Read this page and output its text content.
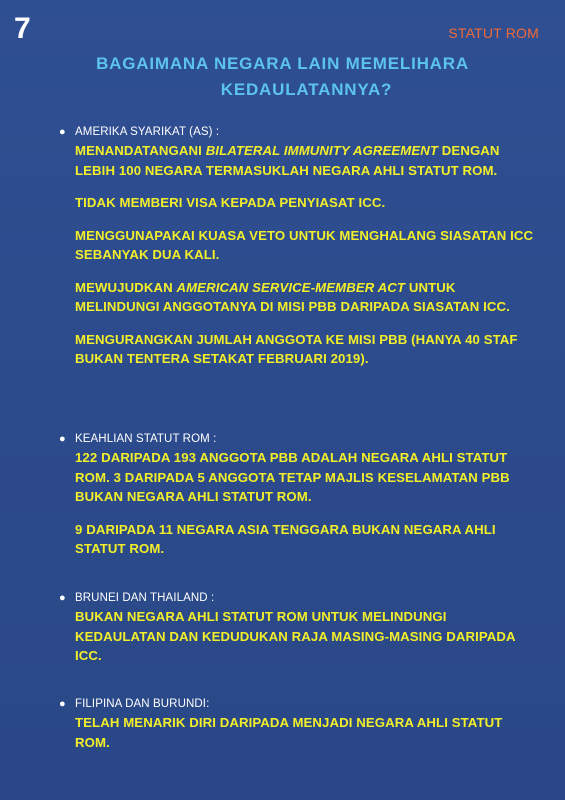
7	STATUT ROM
BAGAIMANA NEGARA LAIN MEMELIHARA
KEDAULATANNYA?
● AMERIKA SYARIKAT (AS) :

MENANDATANGANI BILATERAL IMMUNITY AGREEMENT DENGAN LEBIH 100 NEGARA TERMASUKLAH NEGARA AHLI STATUT ROM.

TIDAK MEMBERI VISA KEPADA PENYIASAT ICC.

MENGGUNAPAKAI KUASA VETO UNTUK MENGHALANG SIASATAN ICC SEBANYAK DUA KALI.

MEWUJUDKAN AMERICAN SERVICE-MEMBER ACT UNTUK MELINDUNGI ANGGOTANYA DI MISI PBB DARIPADA SIASATAN ICC.

MENGURANGKAN JUMLAH ANGGOTA KE MISI PBB (HANYA 40 STAF BUKAN TENTERA SETAKAT FEBRUARI 2019).

● KEAHLIAN STATUT ROM :

122 DARIPADA 193 ANGGOTA PBB ADALAH NEGARA AHLI STATUT ROM. 3 DARIPADA 5 ANGGOTA TETAP MAJLIS KESELAMATAN PBB BUKAN NEGARA AHLI STATUT ROM.

9 DARIPADA 11 NEGARA ASIA TENGGARA BUKAN NEGARA AHLI STATUT ROM.

● BRUNEI DAN THAILAND :

BUKAN NEGARA AHLI STATUT ROM UNTUK MELINDUNGI KEDAULATAN DAN KEDUDUKAN RAJA MASING-MASING DARIPADA ICC.

● FILIPINA DAN BURUNDI:

TELAH MENARIK DIRI DARIPADA MENJADI NEGARA AHLI STATUT ROM.
